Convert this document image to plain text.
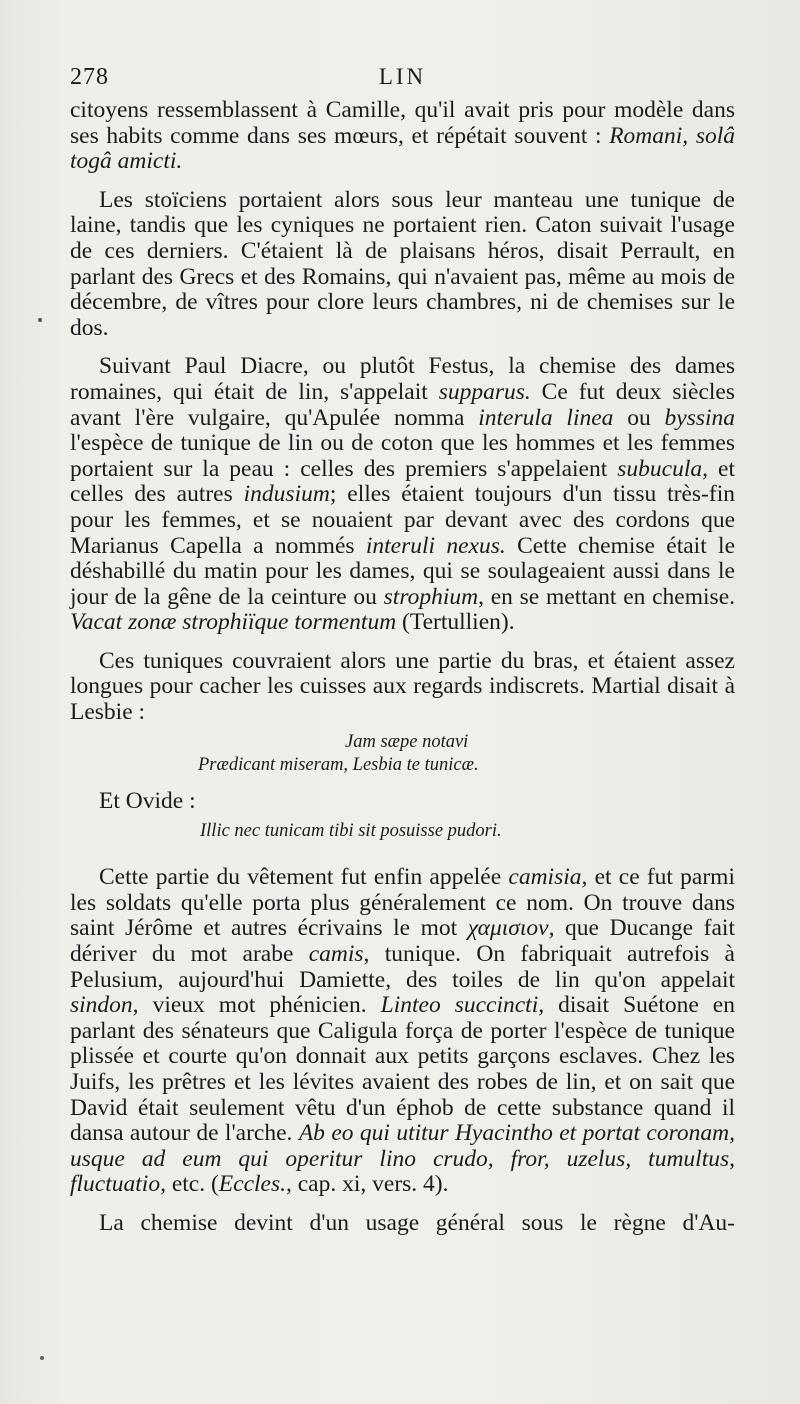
278	LIN

citoyens ressemblassent à Camille, qu'il avait pris pour modèle dans ses habits comme dans ses mœurs, et répétait souvent : Romani, solâ togâ amicti.

Les stoïciens portaient alors sous leur manteau une tunique de laine, tandis que les cyniques ne portaient rien. Caton suivait l'usage de ces derniers. C'étaient là de plaisans héros, disait Perrault, en parlant des Grecs et des Romains, qui n'avaient pas, même au mois de décembre, de vîtres pour clore leurs chambres, ni de chemises sur le dos.

Suivant Paul Diacre, ou plutôt Festus, la chemise des dames romaines, qui était de lin, s'appelait supparus. Ce fut deux siècles avant l'ère vulgaire, qu'Apulée nomma interula linea ou byssina l'espèce de tunique de lin ou de coton que les hommes et les femmes portaient sur la peau : celles des premiers s'appelaient subucula, et celles des autres indusium; elles étaient toujours d'un tissu très-fin pour les femmes, et se nouaient par devant avec des cordons que Marianus Capella a nommés interuli nexus. Cette chemise était le déshabillé du matin pour les dames, qui se soulageaient aussi dans le jour de la gêne de la ceinture ou strophium, en se mettant en chemise. Vacat zonæ strophiïque tormentum (Tertullien).

Ces tuniques couvraient alors une partie du bras, et étaient assez longues pour cacher les cuisses aux regards indiscrets. Martial disait à Lesbie :

Jam sæpe notavi
Prædicant miseram, Lesbia te tunicæ.
Et Ovide :
Illic nec tunicam tibi sit posuisse pudori.

Cette partie du vêtement fut enfin appelée camisia, et ce fut parmi les soldats qu'elle porta plus généralement ce nom. On trouve dans saint Jérôme et autres écrivains le mot χαμισιον, que Ducange fait dériver du mot arabe camis, tunique. On fabriquait autrefois à Pelusium, aujourd'hui Damiette, des toiles de lin qu'on appelait sindon, vieux mot phénicien. Linteo succincti, disait Suétone en parlant des sénateurs que Caligula força de porter l'espèce de tunique plissée et courte qu'on donnait aux petits garçons esclaves. Chez les Juifs, les prêtres et les lévites avaient des robes de lin, et on sait que David était seulement vêtu d'un éphob de cette substance quand il dansa autour de l'arche. Ab eo qui utitur Hyacintho et portat coronam, usque ad eum qui operitur lino crudo, fror, uzelus, tumultus, fluctuatio, etc. (Eccles., cap. xi, vers. 4).

La chemise devint d'un usage général sous le règne d'Au-
